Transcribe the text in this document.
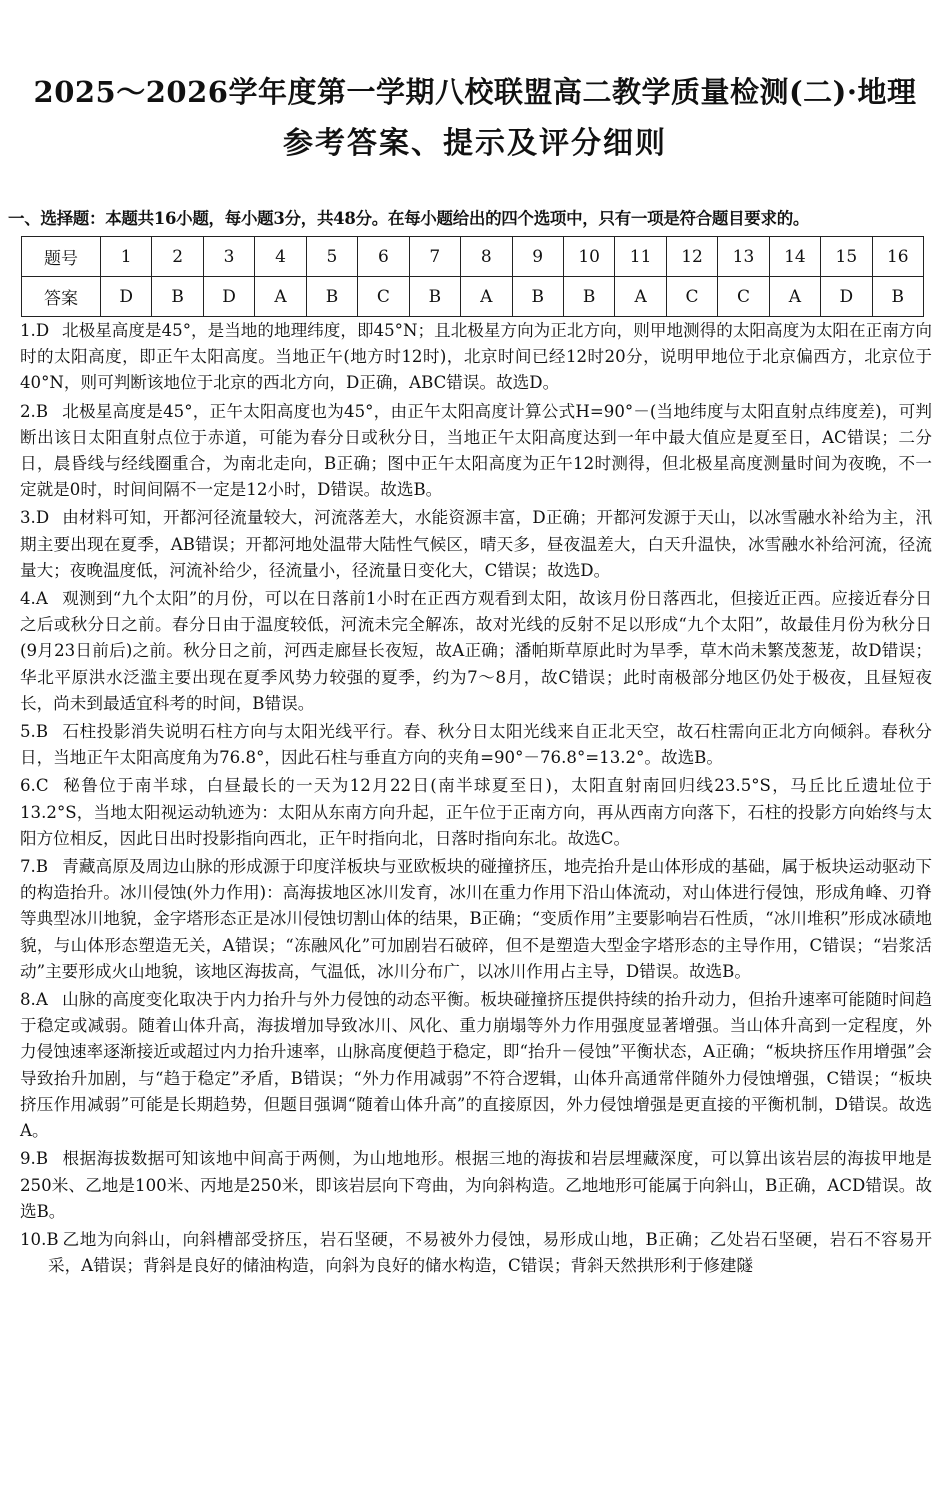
2025～2026学年度第一学期八校联盟高二教学质量检测(二)·地理
参考答案、提示及评分细则
一、选择题：本题共16小题，每小题3分，共48分。在每小题给出的四个选项中，只有一项是符合题目要求的。
题号	1	2	3	4	5	6	7	8	9	10	11	12	13	14	15	16
答案	D	B	D	A	B	C	B	A	B	B	A	C	C	A	D	B

1.D 北极星高度是45°，是当地的地理纬度，即45°N；且北极星方向为正北方向，则甲地测得的太阳高度为太阳在正南方向时的太阳高度，即正午太阳高度。当地正午(地方时12时)，北京时间已经12时20分，说明甲地位于北京偏西方，北京位于40°N，则可判断该地位于北京的西北方向，D正确，ABC错误。故选D。

2.B 北极星高度是45°，正午太阳高度也为45°，由正午太阳高度计算公式H=90°－(当地纬度与太阳直射点纬度差)，可判断出该日太阳直射点位于赤道，可能为春分日或秋分日，当地正午太阳高度达到一年中最大值应是夏至日，AC错误；二分日，晨昏线与经线圈重合，为南北走向，B正确；图中正午太阳高度为正午12时测得，但北极星高度测量时间为夜晚，不一定就是0时，时间间隔不一定是12小时，D错误。故选B。

3.D 由材料可知，开都河径流量较大，河流落差大，水能资源丰富，D正确；开都河发源于天山，以冰雪融水补给为主，汛期主要出现在夏季，AB错误；开都河地处温带大陆性气候区，晴天多，昼夜温差大，白天升温快，冰雪融水补给河流，径流量大；夜晚温度低，河流补给少，径流量小，径流量日变化大，C错误；故选D。

4.A 观测到“九个太阳”的月份，可以在日落前1小时在正西方观看到太阳，故该月份日落西北，但接近正西。应接近春分日之后或秋分日之前。春分日由于温度较低，河流未完全解冻，故对光线的反射不足以形成“九个太阳”，故最佳月份为秋分日(9月23日前后)之前。秋分日之前，河西走廊昼长夜短，故A正确；潘帕斯草原此时为旱季，草木尚未繁茂葱茏，故D错误；华北平原洪水泛滥主要出现在夏季风势力较强的夏季，约为7～8月，故C错误；此时南极部分地区仍处于极夜，且昼短夜长，尚未到最适宜科考的时间，B错误。

5.B 石柱投影消失说明石柱方向与太阳光线平行。春、秋分日太阳光线来自正北天空，故石柱需向正北方向倾斜。春秋分日，当地正午太阳高度角为76.8°，因此石柱与垂直方向的夹角=90°－76.8°=13.2°。故选B。

6.C 秘鲁位于南半球，白昼最长的一天为12月22日(南半球夏至日)，太阳直射南回归线23.5°S，马丘比丘遗址位于13.2°S，当地太阳视运动轨迹为：太阳从东南方向升起，正午位于正南方向，再从西南方向落下，石柱的投影方向始终与太阳方位相反，因此日出时投影指向西北，正午时指向北，日落时指向东北。故选C。

7.B 青藏高原及周边山脉的形成源于印度洋板块与亚欧板块的碰撞挤压，地壳抬升是山体形成的基础，属于板块运动驱动下的构造抬升。冰川侵蚀(外力作用)：高海拔地区冰川发育，冰川在重力作用下沿山体流动，对山体进行侵蚀，形成角峰、刃脊等典型冰川地貌，金字塔形态正是冰川侵蚀切割山体的结果，B正确；“变质作用”主要影响岩石性质，“冰川堆积”形成冰碛地貌，与山体形态塑造无关，A错误；“冻融风化”可加剧岩石破碎，但不是塑造大型金字塔形态的主导作用，C错误；“岩浆活动”主要形成火山地貌，该地区海拔高，气温低，冰川分布广，以冰川作用占主导，D错误。故选B。

8.A 山脉的高度变化取决于内力抬升与外力侵蚀的动态平衡。板块碰撞挤压提供持续的抬升动力，但抬升速率可能随时间趋于稳定或减弱。随着山体升高，海拔增加导致冰川、风化、重力崩塌等外力作用强度显著增强。当山体升高到一定程度，外力侵蚀速率逐渐接近或超过内力抬升速率，山脉高度便趋于稳定，即“抬升－侵蚀”平衡状态，A正确；“板块挤压作用增强”会导致抬升加剧，与“趋于稳定”矛盾，B错误；“外力作用减弱”不符合逻辑，山体升高通常伴随外力侵蚀增强，C错误；“板块挤压作用减弱”可能是长期趋势，但题目强调“随着山体升高”的直接原因，外力侵蚀增强是更直接的平衡机制，D错误。故选A。

9.B 根据海拔数据可知该地中间高于两侧，为山地地形。根据三地的海拔和岩层埋藏深度，可以算出该岩层的海拔甲地是250米、乙地是100米、丙地是250米，即该岩层向下弯曲，为向斜构造。乙地地形可能属于向斜山，B正确，ACD错误。故选B。

10.B 乙地为向斜山，向斜槽部受挤压，岩石坚硬，不易被外力侵蚀，易形成山地，B正确；乙处岩石坚硬，岩石不容易开采，A错误；背斜是良好的储油构造，向斜为良好的储水构造，C错误；背斜天然拱形利于修建隧
